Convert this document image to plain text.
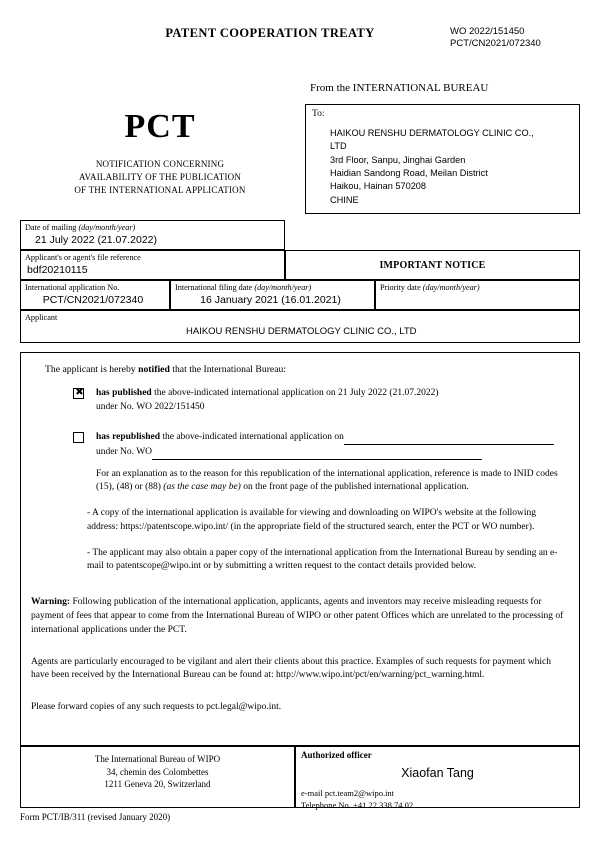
PATENT COOPERATION TREATY	WO 2022/151450
PCT/CN2021/072340
From the INTERNATIONAL BUREAU
PCT
NOTIFICATION CONCERNING
AVAILABILITY OF THE PUBLICATION
OF THE INTERNATIONAL APPLICATION
To:
HAIKOU RENSHU DERMATOLOGY CLINIC CO.,
LTD
3rd Floor, Sanpu, Jinghai Garden
Haidian Sandong Road, Meilan District
Haikou, Hainan 570208
CHINE
Date of mailing (day/month/year)
21 July 2022 (21.07.2022)
Applicant's or agent's file reference
bdf20210115	IMPORTANT NOTICE
International application No.
PCT/CN2021/072340
International filing date (day/month/year)
16 January 2021 (16.01.2021)
Priority date (day/month/year)
Applicant
HAIKOU RENSHU DERMATOLOGY CLINIC CO., LTD
The applicant is hereby notified that the International Bureau:
✖
has published the above-indicated international application on 21 July 2022 (21.07.2022)
under No. WO 2022/151450
has republished the above-indicated international application on
under No. WO
For an explanation as to the reason for this republication of the international application, reference is made to INID codes (15), (48) or (88) (as the case may be) on the front page of the published international application.
- A copy of the international application is available for viewing and downloading on WIPO's website at the following address: https://patentscope.wipo.int/ (in the appropriate field of the structured search, enter the PCT or WO number).
- The applicant may also obtain a paper copy of the international application from the International Bureau by sending an e-mail to patentscope@wipo.int or by submitting a written request to the contact details provided below.
Warning: Following publication of the international application, applicants, agents and inventors may receive misleading requests for payment of fees that appear to come from the International Bureau of WIPO or other patent Offices which are unrelated to the processing of international applications under the PCT.
Agents are particularly encouraged to be vigilant and alert their clients about this practice. Examples of such requests for payment which have been received by the International Bureau can be found at: http://www.wipo.int/pct/en/warning/pct_warning.html.
Please forward copies of any such requests to pct.legal@wipo.int.
The International Bureau of WIPO
34, chemin des Colombettes
1211 Geneva 20, Switzerland
Authorized officer
Xiaofan Tang
e-mail pct.team2@wipo.int
Telephone No. +41 22 338 74 02
Form PCT/IB/311 (revised January 2020)
